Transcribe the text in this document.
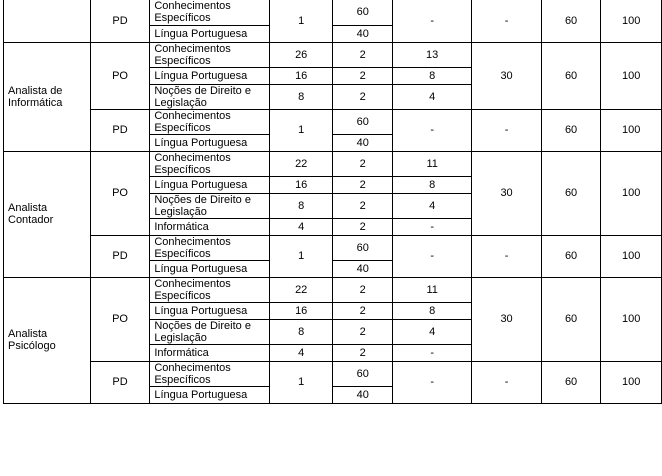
	PD	Conhecimentos Específicos	1	60	-	-	60	100
		Língua Portuguesa		40				

Analista de
Informática	PO	Conhecimentos Específicos	26	2	13	30	60	100
		Língua Portuguesa	16	2	8			
		Noções de Direito e Legislação	8	2	4			
	PD	Conhecimentos Específicos	1	60	-	-	60	100
		Língua Portuguesa		40				

Analista
Contador	PO	Conhecimentos Específicos	22	2	11	30	60	100
		Língua Portuguesa	16	2	8			
		Noções de Direito e Legislação	8	2	4			
		Informática	4	2	-			
	PD	Conhecimentos Específicos	1	60	-	-	60	100
		Língua Portuguesa		40				

Analista
Psicólogo	PO	Conhecimentos Específicos	22	2	11	30	60	100
		Língua Portuguesa	16	2	8			
		Noções de Direito e Legislação	8	2	4			
		Informática	4	2	-			
	PD	Conhecimentos Específicos	1	60	-	-	60	100
		Língua Portuguesa		40				
